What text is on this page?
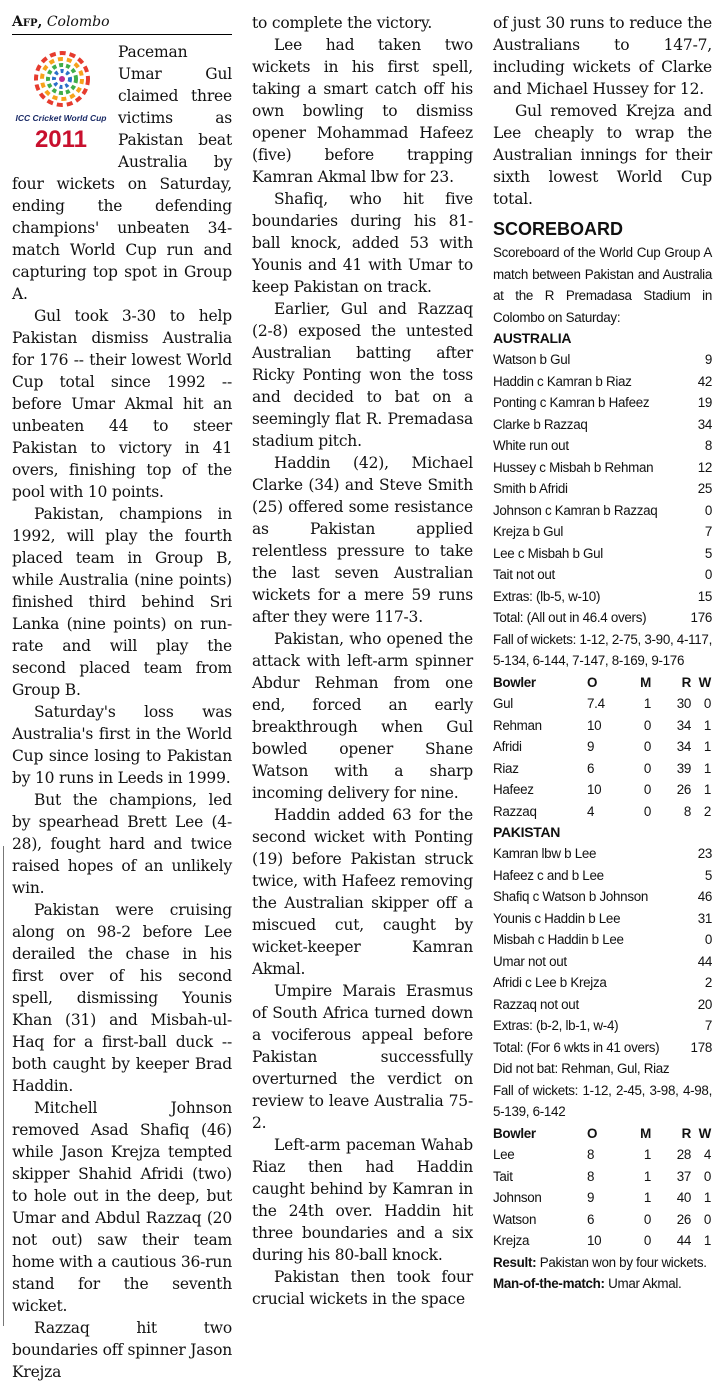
Afp, Colombo
ICC Cricket World Cup
2011

Paceman Umar Gul claimed three victims as Pakistan beat Australia by four wickets on Saturday, ending the defending champions' unbeaten 34-match World Cup run and capturing top spot in Group A.

Gul took 3-30 to help Pakistan dismiss Australia for 176 -- their lowest World Cup total since 1992 -- before Umar Akmal hit an unbeaten 44 to steer Pakistan to victory in 41 overs, finishing top of the pool with 10 points.

Pakistan, champions in 1992, will play the fourth placed team in Group B, while Australia (nine points) finished third behind Sri Lanka (nine points) on run-rate and will play the second placed team from Group B.

Saturday's loss was Australia's first in the World Cup since losing to Pakistan by 10 runs in Leeds in 1999.

But the champions, led by spearhead Brett Lee (4-28), fought hard and twice raised hopes of an unlikely win.

Pakistan were cruising along on 98-2 before Lee derailed the chase in his first over of his second spell, dismissing Younis Khan (31) and Misbah-ul-Haq for a first-ball duck -- both caught by keeper Brad Haddin.

Mitchell Johnson removed Asad Shafiq (46) while Jason Krejza tempted skipper Shahid Afridi (two) to hole out in the deep, but Umar and Abdul Razzaq (20 not out) saw their team home with a cautious 36-run stand for the seventh wicket.

Razzaq hit two boundaries off spinner Jason Krejza

to complete the victory.

Lee had taken two wickets in his first spell, taking a smart catch off his own bowling to dismiss opener Mohammad Hafeez (five) before trapping Kamran Akmal lbw for 23.

Shafiq, who hit five boundaries during his 81-ball knock, added 53 with Younis and 41 with Umar to keep Pakistan on track.

Earlier, Gul and Razzaq (2-8) exposed the untested Australian batting after Ricky Ponting won the toss and decided to bat on a seemingly flat R. Premadasa stadium pitch.

Haddin (42), Michael Clarke (34) and Steve Smith (25) offered some resistance as Pakistan applied relentless pressure to take the last seven Australian wickets for a mere 59 runs after they were 117-3.

Pakistan, who opened the attack with left-arm spinner Abdur Rehman from one end, forced an early breakthrough when Gul bowled opener Shane Watson with a sharp incoming delivery for nine.

Haddin added 63 for the second wicket with Ponting (19) before Pakistan struck twice, with Hafeez removing the Australian skipper off a miscued cut, caught by wicket-keeper Kamran Akmal.

Umpire Marais Erasmus of South Africa turned down a vociferous appeal before Pakistan successfully overturned the verdict on review to leave Australia 75-2.

Left-arm paceman Wahab Riaz then had Haddin caught behind by Kamran in the 24th over. Haddin hit three boundaries and a six during his 80-ball knock.

Pakistan then took four crucial wickets in the space

of just 30 runs to reduce the Australians to 147-7, including wickets of Clarke and Michael Hussey for 12.

Gul removed Krejza and Lee cheaply to wrap the Australian innings for their sixth lowest World Cup total.

SCOREBOARD
Scoreboard of the World Cup Group A match between Pakistan and Australia at the R Premadasa Stadium in Colombo on Saturday:
AUSTRALIA
Watson b Gul	9
Haddin c Kamran b Riaz	42
Ponting c Kamran b Hafeez	19
Clarke b Razzaq	34
White run out	8
Hussey c Misbah b Rehman	12
Smith b Afridi	25
Johnson c Kamran b Razzaq	0
Krejza b Gul	7
Lee c Misbah b Gul	5
Tait not out	0
Extras: (lb-5, w-10)	15
Total: (All out in 46.4 overs)	176
Fall of wickets: 1-12, 2-75, 3-90, 4-117, 5-134, 6-144, 7-147, 8-169, 9-176
Bowler	O	M	R W
Gul	7.4	1	30 0
Rehman	10	0	34 1
Afridi	9	0	34 1
Riaz	6	0	39 1
Hafeez	10	0	26 1
Razzaq	4	0	8 2
PAKISTAN
Kamran lbw b Lee	23
Hafeez c and b Lee	5
Shafiq c Watson b Johnson	46
Younis c Haddin b Lee	31
Misbah c Haddin b Lee	0
Umar not out	44
Afridi c Lee b Krejza	2
Razzaq not out	20
Extras: (b-2, lb-1, w-4)	7
Total: (For 6 wkts in 41 overs)	178
Did not bat: Rehman, Gul, Riaz
Fall of wickets: 1-12, 2-45, 3-98, 4-98, 5-139, 6-142
Bowler	O	M	R W
Lee	8	1	28 4
Tait	8	1	37 0
Johnson	9	1	40 1
Watson	6	0	26 0
Krejza	10	0	44 1
Result: Pakistan won by four wickets.
Man-of-the-match: Umar Akmal.
